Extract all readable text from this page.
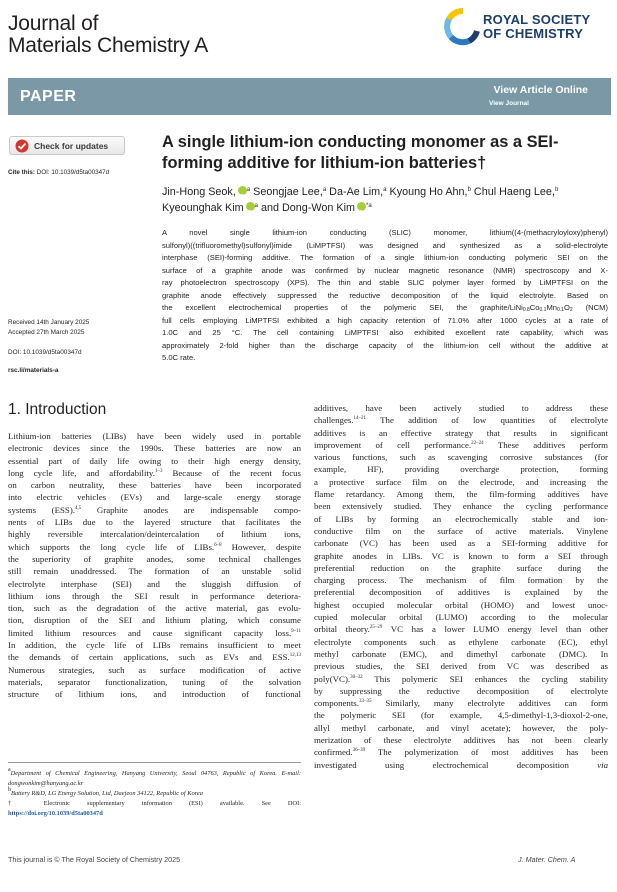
Journal of
Materials Chemistry A
ROYAL SOCIETY
OF CHEMISTRY
PAPER	View Article Online
View Journal
Check for updates
Cite this: DOI: 10.1039/d5ta00347d
A single lithium-ion conducting monomer as a SEI-
forming additive for lithium-ion batteries†
Jin-Hong Seok, iD $^a$ Seongjae Lee,$^a$ Da-Ae Lim,$^a$ Kyoung Ho Ahn,$^b$ Chul Haeng Lee,$^b$
Kyeounghak Kim iD $^a$ and Dong-Won Kim iD $^{*a}$
A novel single lithium-ion conducting (SLIC) monomer, lithium((4-(methacryloyloxy)phenyl)
sulfonyl)((trifluoromethyl)sulfonyl)imide (LiMPTFSI) was designed and synthesized as a solid-electrolyte
interphase (SEI)-forming additive. The formation of a single lithium-ion conducting polymeric SEI on the
surface of a graphite anode was confirmed by nuclear magnetic resonance (NMR) spectroscopy and X-
ray photoelectron spectroscopy (XPS). The thin and stable SLIC polymer layer formed by LiMPTFSI on the
graphite anode effectively suppressed the reductive decomposition of the liquid electrolyte. Based on
the excellent electrochemical properties of the polymeric SEI, the graphite/$LiNi_{0.8}Co_{0.1}Mn_{0.1}O_2$ (NCM)
full cells employing LiMPTFSI exhibited a high capacity retention of 71.0% after 1000 cycles at a rate of
1.0C and 25 °C. The cell containing LiMPTFSI also exhibited excellent rate capability, which was
approximately 2-fold higher than the discharge capacity of the lithium-ion cell without the additive at
5.0C rate.
Received 14th January 2025
Accepted 27th March 2025
DOI: 10.1039/d5ta00347d
rsc.li/materials-a
1. Introduction
Lithium-ion batteries (LIBs) have been widely used in portable
electronic devices since the 1990s. These batteries are now an
essential part of daily life owing to their high energy density,
long cycle life, and affordability.$^{1-3}$ Because of the recent focus
on carbon neutrality, these batteries have been incorporated
into electric vehicles (EVs) and large-scale energy storage
systems (ESS).$^{4,5}$ Graphite anodes are indispensable compo-
nents of LIBs due to the layered structure that facilitates the
highly reversible intercalation/deintercalation of lithium ions,
which supports the long cycle life of LIBs.$^{6-8}$ However, despite
the superiority of graphite anodes, some technical challenges
still remain unaddressed. The formation of an unstable solid
electrolyte interphase (SEI) and the sluggish diffusion of
lithium ions through the SEI result in performance deteriora-
tion, such as the degradation of the active material, gas evolu-
tion, disruption of the SEI and lithium plating, which consume
limited lithium resources and cause significant capacity loss.$^{9-11}$
In addition, the cycle life of LIBs remains insufficient to meet
the demands of certain applications, such as EVs and ESS.$^{12,13}$
Numerous strategies, such as surface modification of active
materials, separator functionalization, tuning of the solvation
structure of lithium ions, and introduction of functional
additives, have been actively studied to address these
challenges.$^{14-21}$ The addition of low quantities of electrolyte
additives is an effective strategy that results in significant
improvement of cell performance.$^{22-24}$ These additives perform
various functions, such as scavenging corrosive substances (for
example, HF), providing overcharge protection, forming
a protective surface film on the electrode, and increasing the
flame retardancy. Among them, the film-forming additives have
been extensively studied. They enhance the cycling performance
of LIBs by forming an electrochemically stable and ion-
conductive film on the surface of active materials. Vinylene
carbonate (VC) has been used as a SEI-forming additive for
graphite anodes in LIBs. VC is known to form a SEI through
preferential reduction on the graphite surface during the
charging process. The mechanism of film formation by the
preferential decomposition of additives is explained by the
highest occupied molecular orbital (HOMO) and lowest unoc-
cupied molecular orbital (LUMO) according to the molecular
orbital theory.$^{25-29}$ VC has a lower LUMO energy level than other
electrolyte components such as ethylene carbonate (EC), ethyl
methyl carbonate (EMC), and dimethyl carbonate (DMC). In
previous studies, the SEI derived from VC was described as
poly(VC).$^{30-32}$ This polymeric SEI enhances the cycling stability
by suppressing the reductive decomposition of electrolyte
components.$^{33-35}$ Similarly, many electrolyte additives can form
the polymeric SEI (for example, 4,5-dimethyl-1,3-dioxol-2-one,
allyl methyl carbonate, and vinyl acetate); however, the poly-
merization of these electrolyte additives has not been clearly
confirmed.$^{36-39}$ The polymerization of most additives has been
investigated using electrochemical decomposition	via
$^a$Department of Chemical Engineering, Hanyang University, Seoul 04763, Republic of Korea. E-mail: dongwonkim@hanyang.ac.kr
$^b$Battery R&D, LG Energy Solution, Ltd, Daejeon 34122, Republic of Korea
† Electronic supplementary information (ESI) available. See DOI:
https://doi.org/10.1039/d5ta00347d
This journal is © The Royal Society of Chemistry 2025	J. Mater. Chem. A
